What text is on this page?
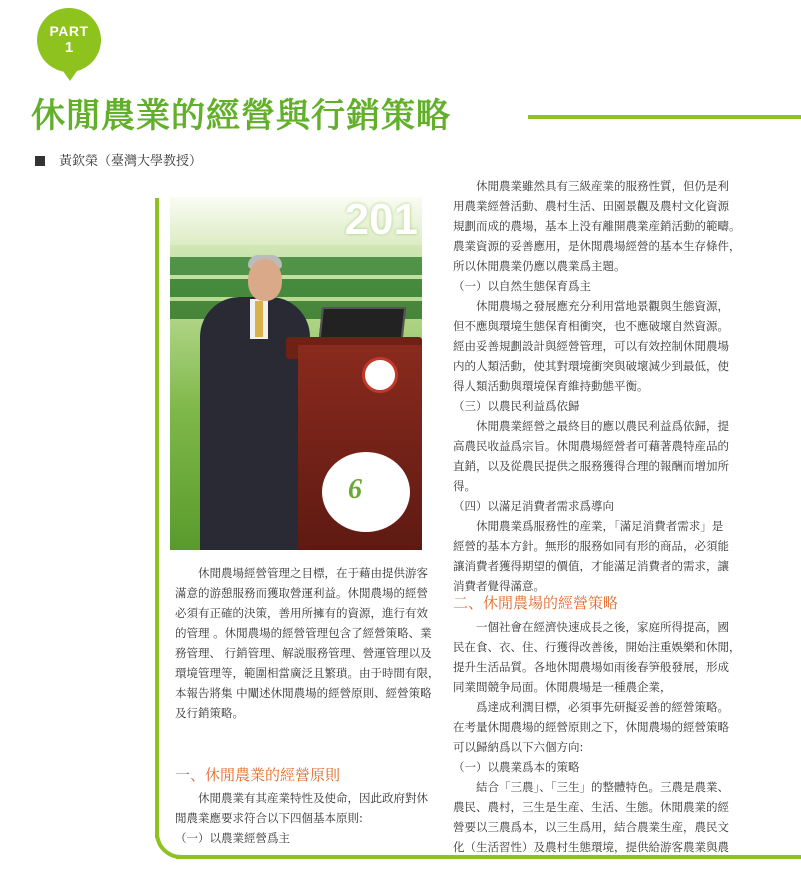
PART
1
休閒農業的經營與行銷策略
黃欽榮（臺灣大學教授）
201
6

休閒農場經營管理之目標，在于藉由提供游客

滿意的游憩服務而獲取營運利益。休閒農場的經營

必須有正確的決策，善用所擁有的資源，進行有效

的管理 。休閒農場的經營管理包含了經營策略、業

務管理、 行銷管理、解説服務管理、營運管理以及

環境管理等，範圍相當廣泛且繁瑣。由于時間有限，

本報告將集 中闡述休閒農場的經營原則、經營策略

及行銷策略。

一、休閒農業的經營原則

休閒農業有其産業特性及使命，因此政府對休

閒農業應要求符合以下四個基本原則:

（一）以農業經營爲主

休閒農業雖然具有三級産業的服務性質，但仍是利

用農業經營活動、農村生活、田園景觀及農村文化資源

規劃而成的農場，基本上没有離開農業産銷活動的範疇。

農業資源的妥善應用，是休閒農場經營的基本生存條件，

所以休閒農業仍應以農業爲主題。

（一）以自然生態保育爲主

休閒農場之發展應充分利用當地景觀與生態資源，

但不應與環境生態保育相衝突，也不應破壞自然資源。

經由妥善規劃設計與經營管理，可以有效控制休閒農場

内的人類活動，使其對環境衝突與破壞減少到最低，使

得人類活動與環境保育維持動態平衡。

（三）以農民利益爲依歸

休閒農業經營之最終目的應以農民利益爲依歸，提

高農民收益爲宗旨。休閒農場經營者可藉著農特産品的

直銷，以及從農民提供之服務獲得合理的報酬而增加所

得。

（四）以滿足消費者需求爲導向

休閒農業爲服務性的産業，「滿足消費者需求」是

經營的基本方針。無形的服務如同有形的商品，必須能

讓消費者獲得期望的價值，才能滿足消費者的需求，讓

消費者覺得滿意。

二、休閒農場的經營策略

一個社會在經濟快速成長之後，家庭所得提高，國

民在食、衣、住、行獲得改善後，開始注重娛樂和休閒，

提升生活品質。各地休閒農場如雨後春笋般發展，形成

同業間競争局面。休閒農場是一種農企業，

爲達成利潤目標，必須事先研擬妥善的經營策略。

在考量休閒農場的經營原則之下，休閒農場的經營策略

可以歸納爲以下六個方向:

（一）以農業爲本的策略

結合「三農」、「三生」的整體特色。三農是農業、

農民、農村，三生是生産、生活、生態。休閒農業的經

營要以三農爲本，以三生爲用，結合農業生産，農民文

化（生活習性）及農村生態環境，提供給游客農業與農
